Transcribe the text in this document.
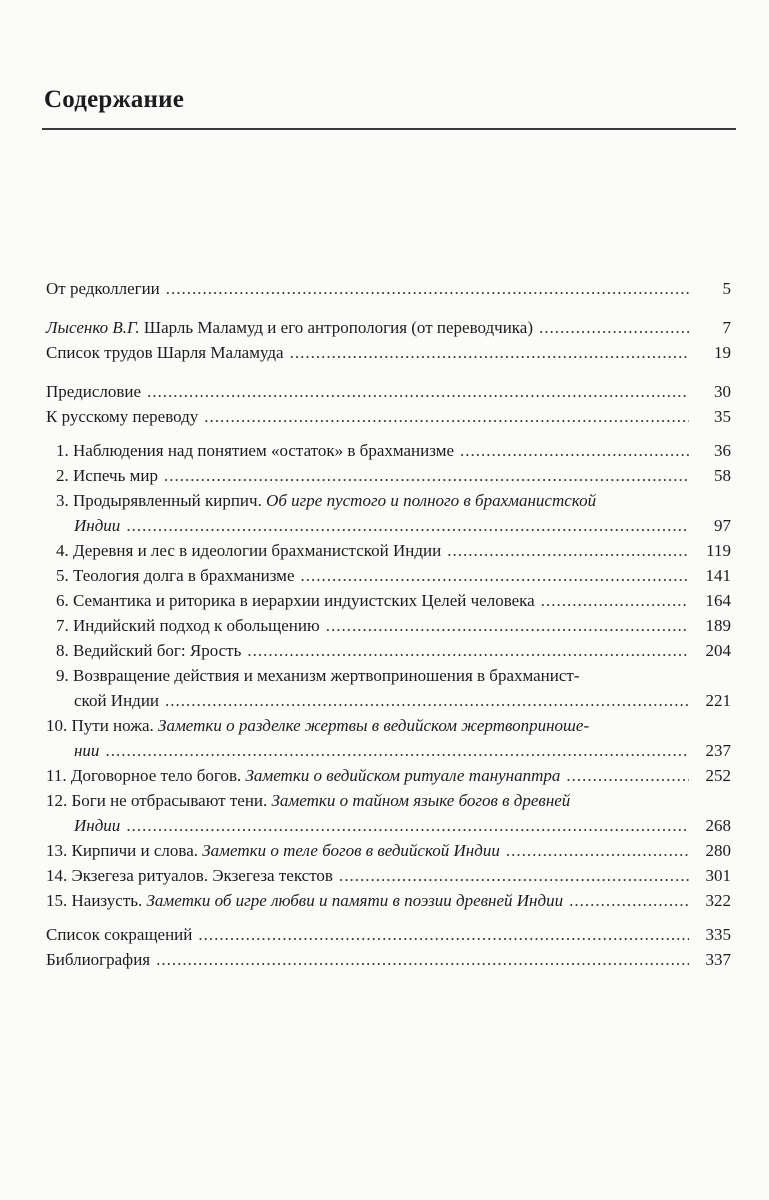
Содержание
От редколлегии .....	5
Лысенко В.Г. Шарль Маламуд и его антропология (от переводчика) .....	7
Список трудов Шарля Маламуда .....	19
Предисловие .....	30
К русскому переводу .....	35
1. Наблюдения над понятием «остаток» в брахманизме .....	36
2. Испечь мир .....	58
3. Продырявленный кирпич. Об игре пустого и полного в брахманистской
Индии .....	97
4. Деревня и лес в идеологии брахманистской Индии .....	119
5. Теология долга в брахманизме .....	141
6. Семантика и риторика в иерархии индуистских Целей человека .....	164
7. Индийский подход к обольщению .....	189
8. Ведийский бог: Ярость .....	204
9. Возвращение действия и механизм жертвоприношения в брахманист-
ской Индии .....	221
10. Пути ножа. Заметки о разделке жертвы в ведийском жертвоприноше-
нии .....	237
11. Договорное тело богов. Заметки о ведийском ритуале танунаптра .....	252
12. Боги не отбрасывают тени. Заметки о тайном языке богов в древней
Индии .....	268
13. Кирпичи и слова. Заметки о теле богов в ведийской Индии .....	280
14. Экзегеза ритуалов. Экзегеза текстов .....	301
15. Наизусть. Заметки об игре любви и памяти в поэзии древней Индии .....	322
Список сокращений .....	335
Библиография .....	337
